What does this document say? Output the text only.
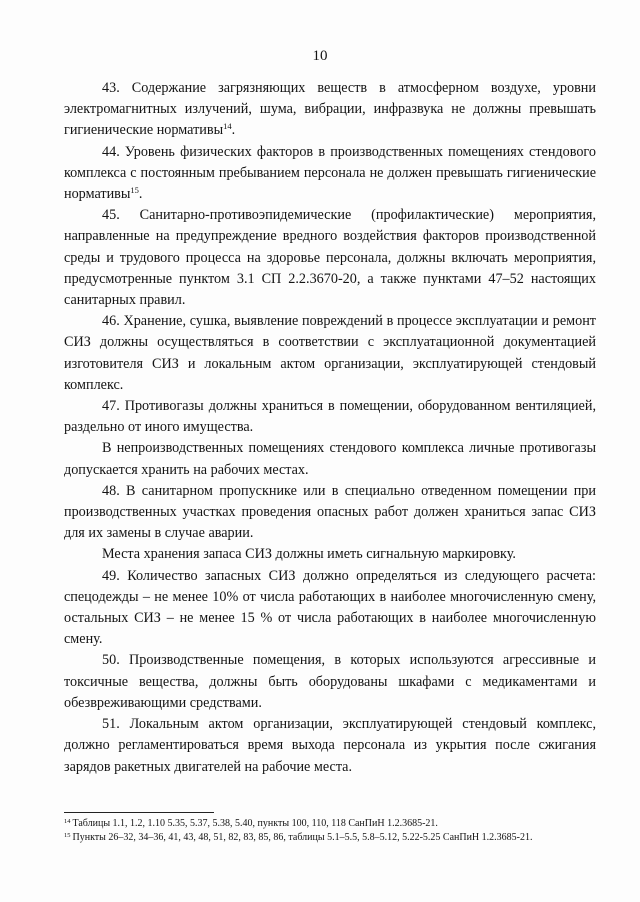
10

43. Содержание загрязняющих веществ в атмосферном воздухе, уровни электромагнитных излучений, шума, вибрации, инфразвука не должны превышать гигиенические нормативы$^{14}$.

44. Уровень физических факторов в производственных помещениях стендового комплекса с постоянным пребыванием персонала не должен превышать гигиенические нормативы$^{15}$.

45. Санитарно-противоэпидемические (профилактические) мероприятия, направленные на предупреждение вредного воздействия факторов производственной среды и трудового процесса на здоровье персонала, должны включать мероприятия, предусмотренные пунктом 3.1 СП 2.2.3670-20, а также пунктами 47–52 настоящих санитарных правил.

46. Хранение, сушка, выявление повреждений в процессе эксплуатации и ремонт СИЗ должны осуществляться в соответствии с эксплуатационной документацией изготовителя СИЗ и локальным актом организации, эксплуатирующей стендовый комплекс.

47. Противогазы должны храниться в помещении, оборудованном вентиляцией, раздельно от иного имущества.

В непроизводственных помещениях стендового комплекса личные противогазы допускается хранить на рабочих местах.

48. В санитарном пропускнике или в специально отведенном помещении при производственных участках проведения опасных работ должен храниться запас СИЗ для их замены в случае аварии.

Места хранения запаса СИЗ должны иметь сигнальную маркировку.

49. Количество запасных СИЗ должно определяться из следующего расчета: спецодежды – не менее 10% от числа работающих в наиболее многочисленную смену, остальных СИЗ – не менее 15 % от числа работающих в наиболее многочисленную смену.

50. Производственные помещения, в которых используются агрессивные и токсичные вещества, должны быть оборудованы шкафами с медикаментами и обезвреживающими средствами.

51. Локальным актом организации, эксплуатирующей стендовый комплекс, должно регламентироваться время выхода персонала из укрытия после сжигания зарядов ракетных двигателей на рабочие места.

$^{14}$ Таблицы 1.1, 1.2, 1.10 5.35, 5.37, 5.38, 5.40, пункты 100, 110, 118 СанПиН 1.2.3685-21.

$^{15}$ Пункты 26–32, 34–36, 41, 43, 48, 51, 82, 83, 85, 86, таблицы 5.1–5.5, 5.8–5.12, 5.22-5.25 СанПиН 1.2.3685-21.
